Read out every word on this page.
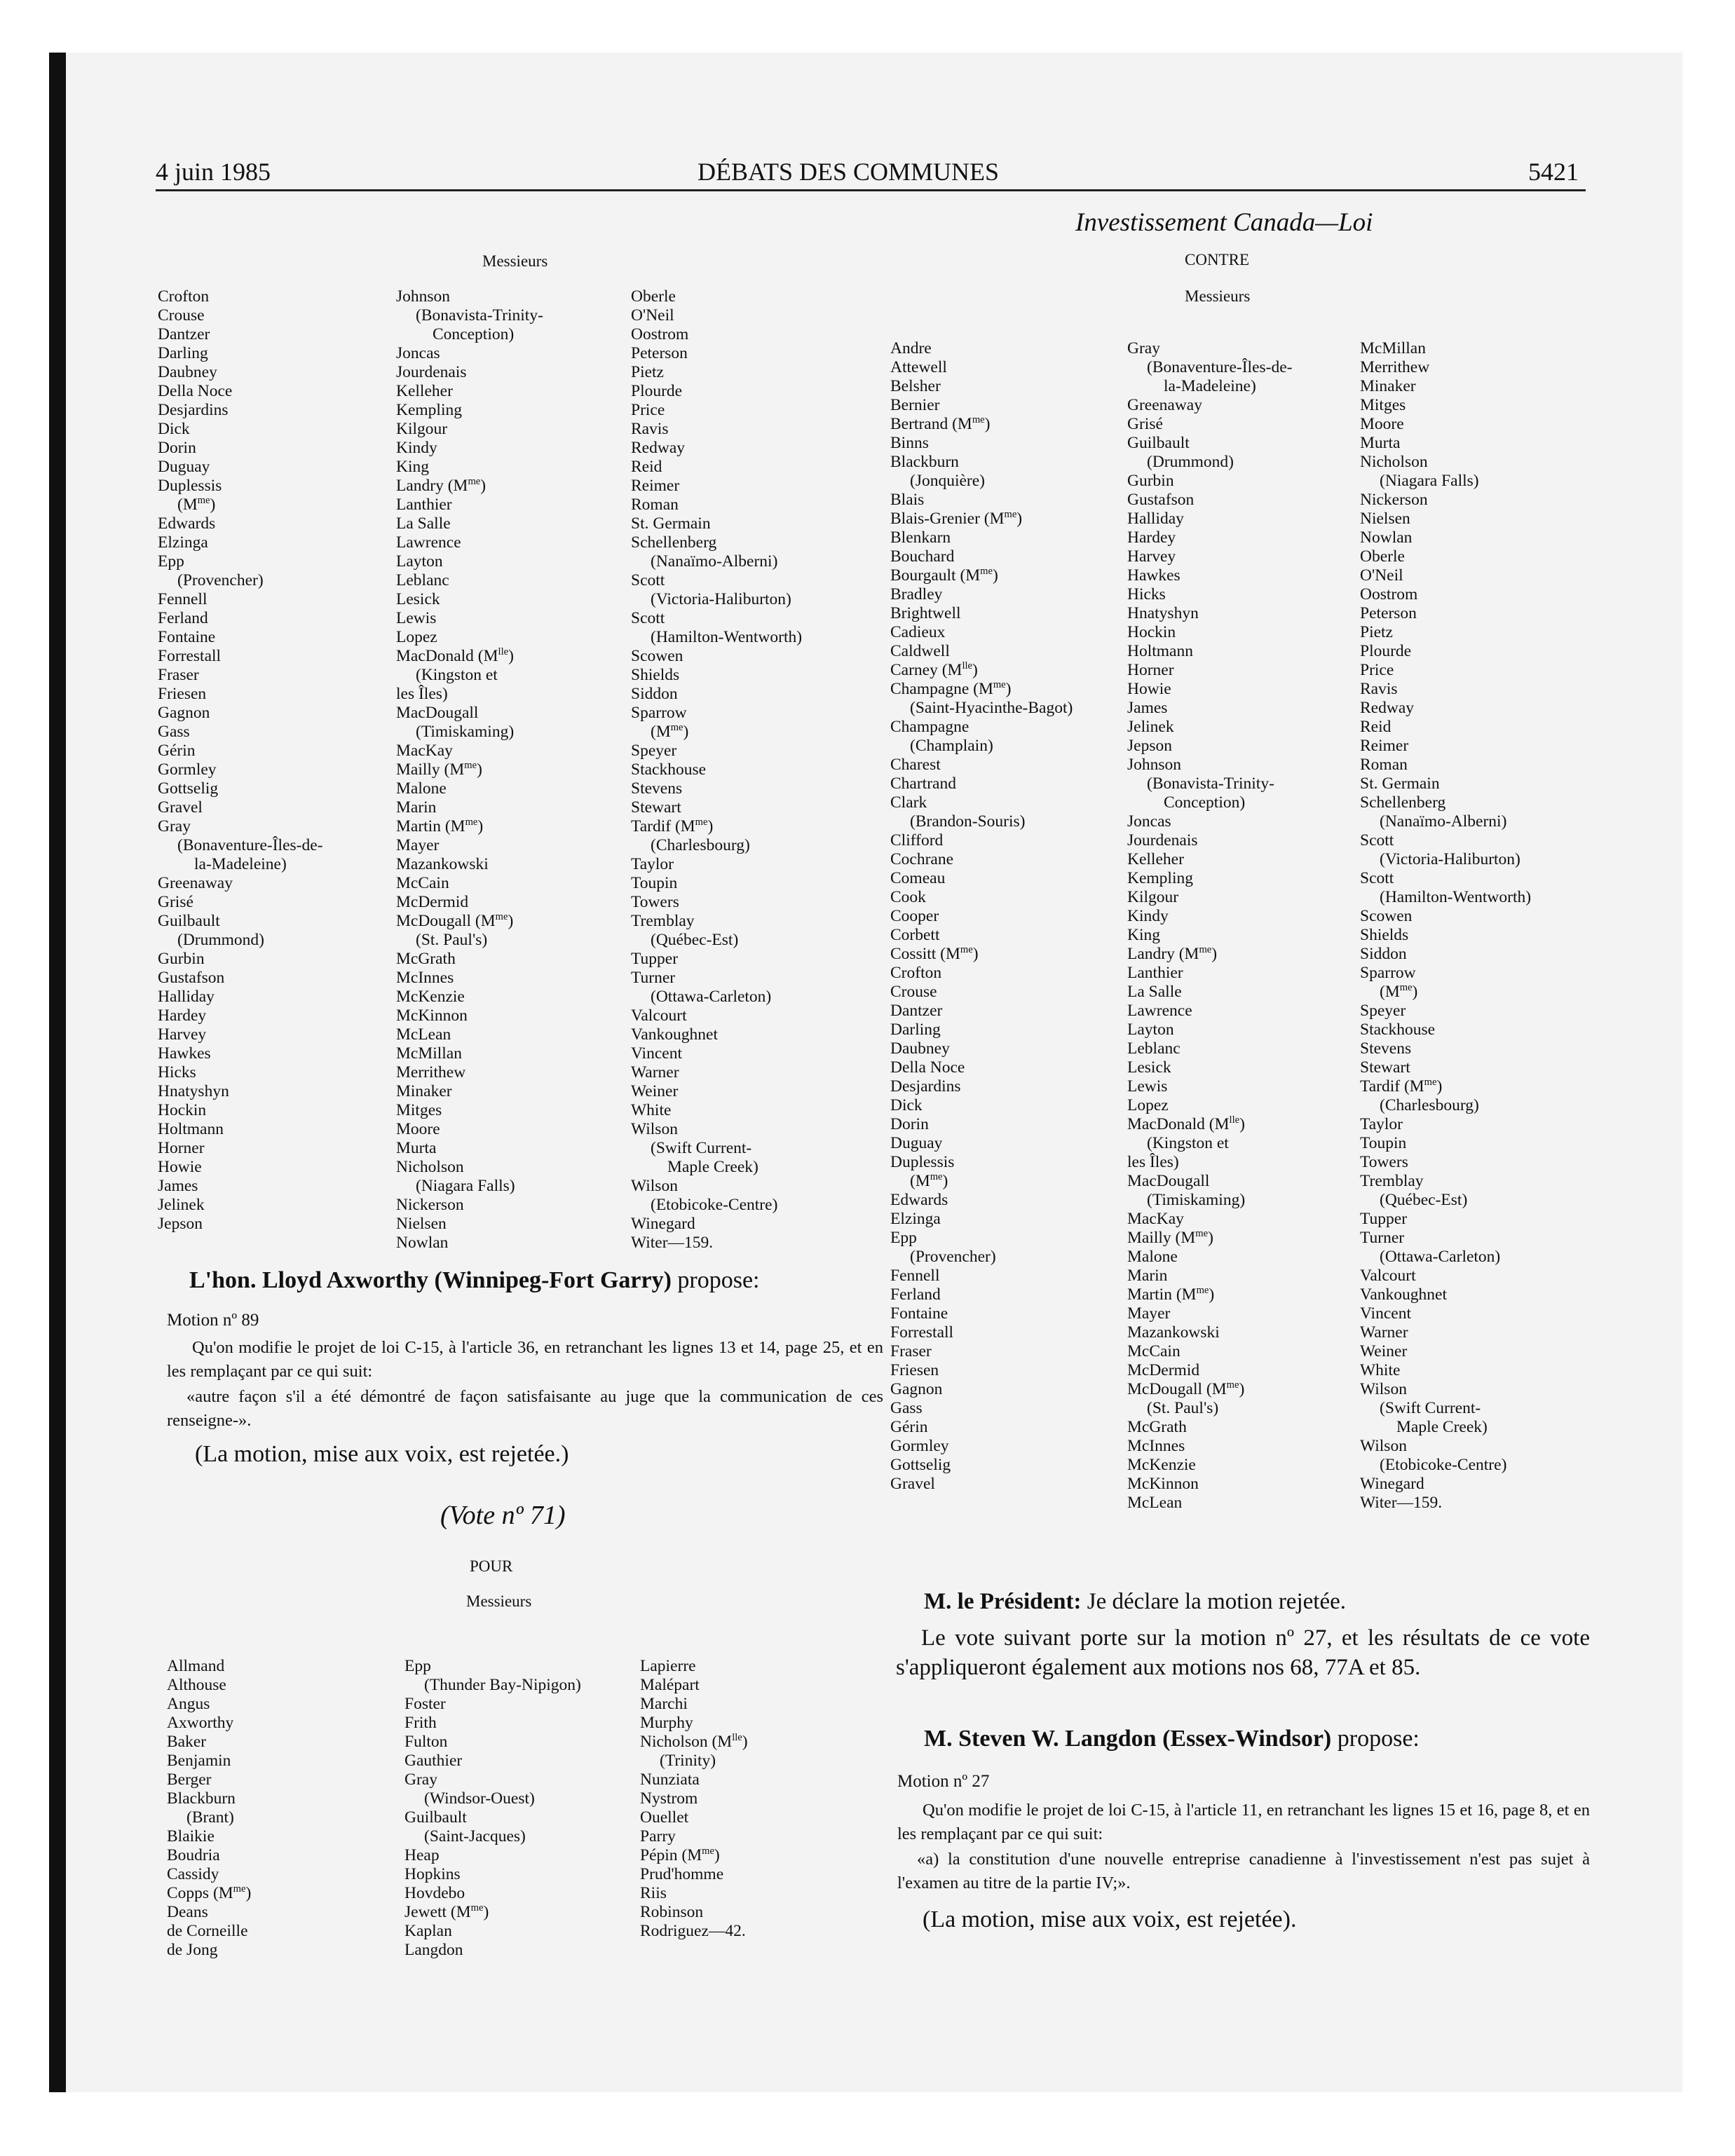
4 juin 1985	DÉBATS DES COMMUNES	5421
Messieurs
Crofton
Crouse
Dantzer
Darling
Daubney
Della Noce
Desjardins
Dick
Dorin
Duguay
Duplessis
$(M^{me})$
Edwards
Elzinga
Epp
(Provencher)
Fennell
Ferland
Fontaine
Forrestall
Fraser
Friesen
Gagnon
Gass
Gérin
Gormley
Gottselig
Gravel
Gray
(Bonaventure-Îles-de-
la-Madeleine)
Greenaway
Grisé
Guilbault
(Drummond)
Gurbin
Gustafson
Halliday
Hardey
Harvey
Hawkes
Hicks
Hnatyshyn
Hockin
Holtmann
Horner
Howie
James
Jelinek
Jepson
Johnson
(Bonavista-Trinity-
Conception)
Joncas
Jourdenais
Kelleher
Kempling
Kilgour
Kindy
King
Landry $(M^{me})$
Lanthier
La Salle
Lawrence
Layton
Leblanc
Lesick
Lewis
Lopez
MacDonald $(M^{lle})$
(Kingston et
les Îles)
MacDougall
(Timiskaming)
MacKay
Mailly $(M^{me})$
Malone
Marin
Martin $(M^{me})$
Mayer
Mazankowski
McCain
McDermid
McDougall $(M^{me})$
(St. Paul's)
McGrath
McInnes
McKenzie
McKinnon
McLean
McMillan
Merrithew
Minaker
Mitges
Moore
Murta
Nicholson
(Niagara Falls)
Nickerson
Nielsen
Nowlan
Oberle
O'Neil
Oostrom
Peterson
Pietz
Plourde
Price
Ravis
Redway
Reid
Reimer
Roman
St. Germain
Schellenberg
(Nanaïmo-Alberni)
Scott
(Victoria-Haliburton)
Scott
(Hamilton-Wentworth)
Scowen
Shields
Siddon
Sparrow
$(M^{me})$
Speyer
Stackhouse
Stevens
Stewart
Tardif $(M^{me})$
(Charlesbourg)
Taylor
Toupin
Towers
Tremblay
(Québec-Est)
Tupper
Turner
(Ottawa-Carleton)
Valcourt
Vankoughnet
Vincent
Warner
Weiner
White
Wilson
(Swift Current-
Maple Creek)
Wilson
(Etobicoke-Centre)
Winegard
Witer—159.
L'hon. Lloyd Axworthy (Winnipeg-Fort Garry) propose:
Motion nº 89
Qu'on modifie le projet de loi C-15, à l'article 36, en retranchant les lignes 13 et 14, page 25, et en les remplaçant par ce qui suit:
«autre façon s'il a été démontré de façon satisfaisante au juge que la communication de ces renseigne-».
(La motion, mise aux voix, est rejetée.)
(Vote nº 71)
POUR
Messieurs
Allmand
Althouse
Angus
Axworthy
Baker
Benjamin
Berger
Blackburn
(Brant)
Blaikie
Boudria
Cassidy
Copps $(M^{me})$
Deans
de Corneille
de Jong
Epp
(Thunder Bay-Nipigon)
Foster
Frith
Fulton
Gauthier
Gray
(Windsor-Ouest)
Guilbault
(Saint-Jacques)
Heap
Hopkins
Hovdebo
Jewett $(M^{me})$
Kaplan
Langdon
Lapierre
Malépart
Marchi
Murphy
Nicholson $(M^{lle})$
(Trinity)
Nunziata
Nystrom
Ouellet
Parry
Pépin $(M^{me})$
Prud'homme
Riis
Robinson
Rodriguez—42.
Investissement Canada—Loi
CONTRE
Messieurs
Andre
Attewell
Belsher
Bernier
Bertrand $(M^{me})$
Binns
Blackburn
(Jonquière)
Blais
Blais-Grenier $(M^{me})$
Blenkarn
Bouchard
Bourgault $(M^{me})$
Bradley
Brightwell
Cadieux
Caldwell
Carney $(M^{lle})$
Champagne $(M^{me})$
(Saint-Hyacinthe-Bagot)
Champagne
(Champlain)
Charest
Chartrand
Clark
(Brandon-Souris)
Clifford
Cochrane
Comeau
Cook
Cooper
Corbett
Cossitt $(M^{me})$
Crofton
Crouse
Dantzer
Darling
Daubney
Della Noce
Desjardins
Dick
Dorin
Duguay
Duplessis
$(M^{me})$
Edwards
Elzinga
Epp
(Provencher)
Fennell
Ferland
Fontaine
Forrestall
Fraser
Friesen
Gagnon
Gass
Gérin
Gormley
Gottselig
Gravel
Gray
(Bonaventure-Îles-de-
la-Madeleine)
Greenaway
Grisé
Guilbault
(Drummond)
Gurbin
Gustafson
Halliday
Hardey
Harvey
Hawkes
Hicks
Hnatyshyn
Hockin
Holtmann
Horner
Howie
James
Jelinek
Jepson
Johnson
(Bonavista-Trinity-
Conception)
Joncas
Jourdenais
Kelleher
Kempling
Kilgour
Kindy
King
Landry $(M^{me})$
Lanthier
La Salle
Lawrence
Layton
Leblanc
Lesick
Lewis
Lopez
MacDonald $(M^{lle})$
(Kingston et
les Îles)
MacDougall
(Timiskaming)
MacKay
Mailly $(M^{me})$
Malone
Marin
Martin $(M^{me})$
Mayer
Mazankowski
McCain
McDermid
McDougall $(M^{me})$
(St. Paul's)
McGrath
McInnes
McKenzie
McKinnon
McLean
McMillan
Merrithew
Minaker
Mitges
Moore
Murta
Nicholson
(Niagara Falls)
Nickerson
Nielsen
Nowlan
Oberle
O'Neil
Oostrom
Peterson
Pietz
Plourde
Price
Ravis
Redway
Reid
Reimer
Roman
St. Germain
Schellenberg
(Nanaïmo-Alberni)
Scott
(Victoria-Haliburton)
Scott
(Hamilton-Wentworth)
Scowen
Shields
Siddon
Sparrow
$(M^{me})$
Speyer
Stackhouse
Stevens
Stewart
Tardif $(M^{me})$
(Charlesbourg)
Taylor
Toupin
Towers
Tremblay
(Québec-Est)
Tupper
Turner
(Ottawa-Carleton)
Valcourt
Vankoughnet
Vincent
Warner
Weiner
White
Wilson
(Swift Current-
Maple Creek)
Wilson
(Etobicoke-Centre)
Winegard
Witer—159.
M. le Président: Je déclare la motion rejetée.
Le vote suivant porte sur la motion nº 27, et les résultats de ce vote s'appliqueront également aux motions nos 68, 77A et 85.
M. Steven W. Langdon (Essex-Windsor) propose:
Motion nº 27
Qu'on modifie le projet de loi C-15, à l'article 11, en retranchant les lignes 15 et 16, page 8, et en les remplaçant par ce qui suit:
«a) la constitution d'une nouvelle entreprise canadienne à l'investissement n'est pas sujet à l'examen au titre de la partie IV;».
(La motion, mise aux voix, est rejetée).
